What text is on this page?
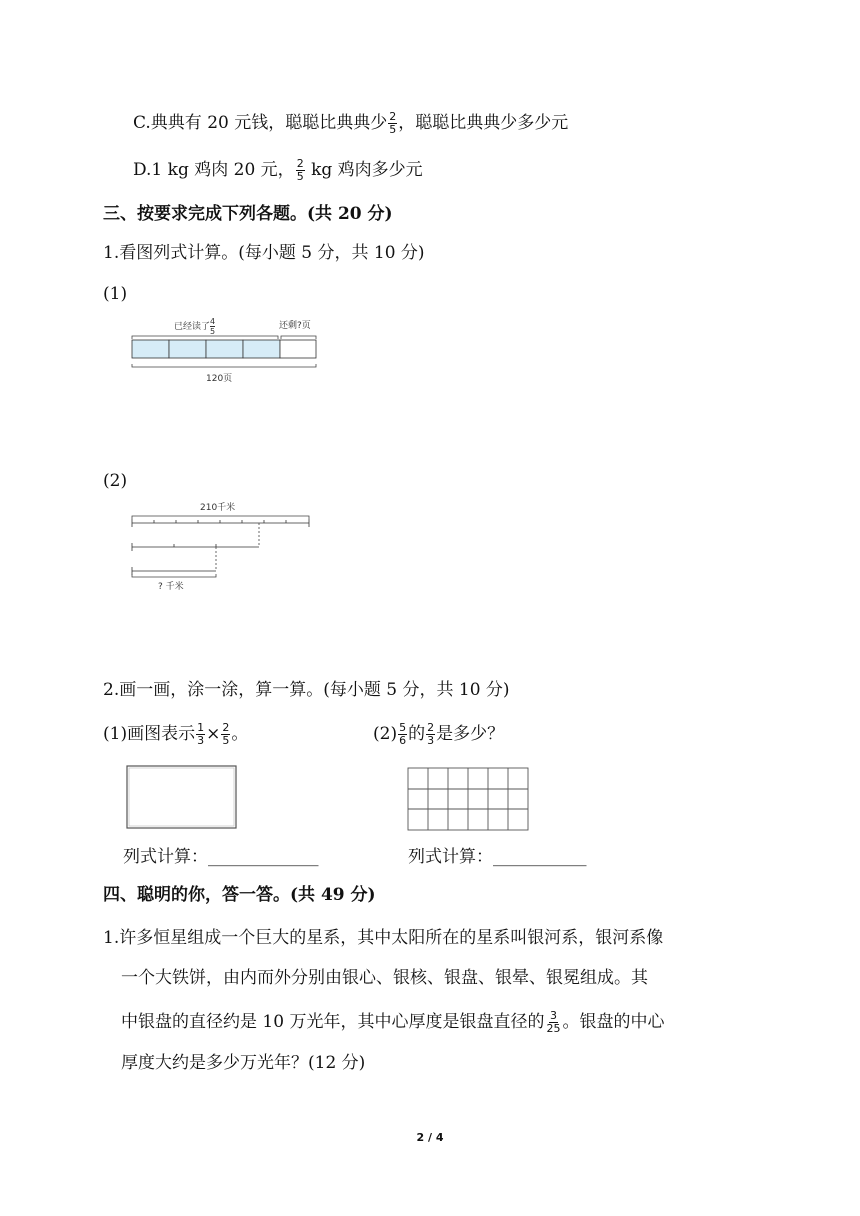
C.典典有 20 元钱，聪聪比典典少 $\frac{2}{5}$ ，聪聪比典典少多少元
D.1 kg 鸡肉 20 元， $\frac{2}{5}$ kg 鸡肉多少元
三、按要求完成下列各题。(共 20 分)
1.看图列式计算。(每小题 5 分，共 10 分)
(1)
已经读了 $\frac{4}{5}$	还剩?页
120页
(2)
210千米
? 千米
2.画一画，涂一涂，算一算。(每小题 5 分，共 10 分)
(1)画图表示 $\frac{1}{3} \times \frac{2}{5}$ 。	$(2) \frac{5}{6}$ 的 $\frac{2}{3}$ 是多少？
列式计算：_____________	列式计算：___________
四、聪明的你，答一答。(共 49 分)
1.许多恒星组成一个巨大的星系，其中太阳所在的星系叫银河系，银河系像
一个大铁饼，由内而外分别由银心、银核、银盘、银晕、银冕组成。其
中银盘的直径约是 10 万光年，其中心厚度是银盘直径的 $\frac{3}{25}$ 。银盘的中心
厚度大约是多少万光年？(12 分)
2 / 4
